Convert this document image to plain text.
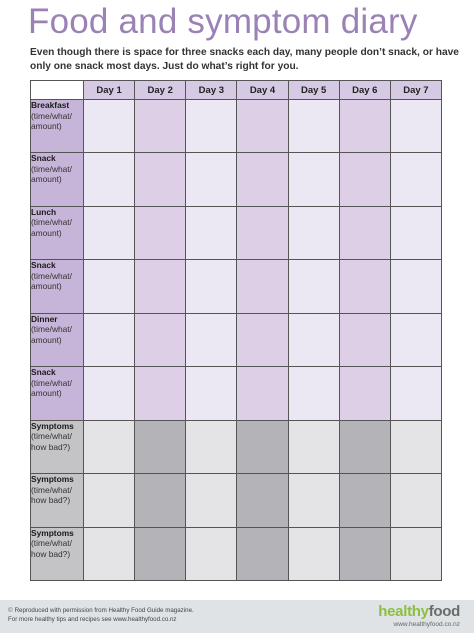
Food and symptom diary
Even though there is space for three snacks each day, many people don’t snack, or have only one snack most days. Just do what’s right for you.
	Day 1	Day 2	Day 3	Day 4	Day 5	Day 6	Day 7

Breakfast
(time/what/
amount)							

Snack
(time/what/
amount)							

Lunch
(time/what/
amount)							

Snack
(time/what/
amount)							

Dinner
(time/what/
amount)							

Snack
(time/what/
amount)							

Symptoms
(time/what/
how bad?)							

Symptoms
(time/what/
how bad?)							

Symptoms
(time/what/
how bad?)							

© Reproduced with permission from Healthy Food Guide magazine.
For more healthy tips and recipes see www.healthyfood.co.nz	healthyfood
www.healthyfood.co.nz
